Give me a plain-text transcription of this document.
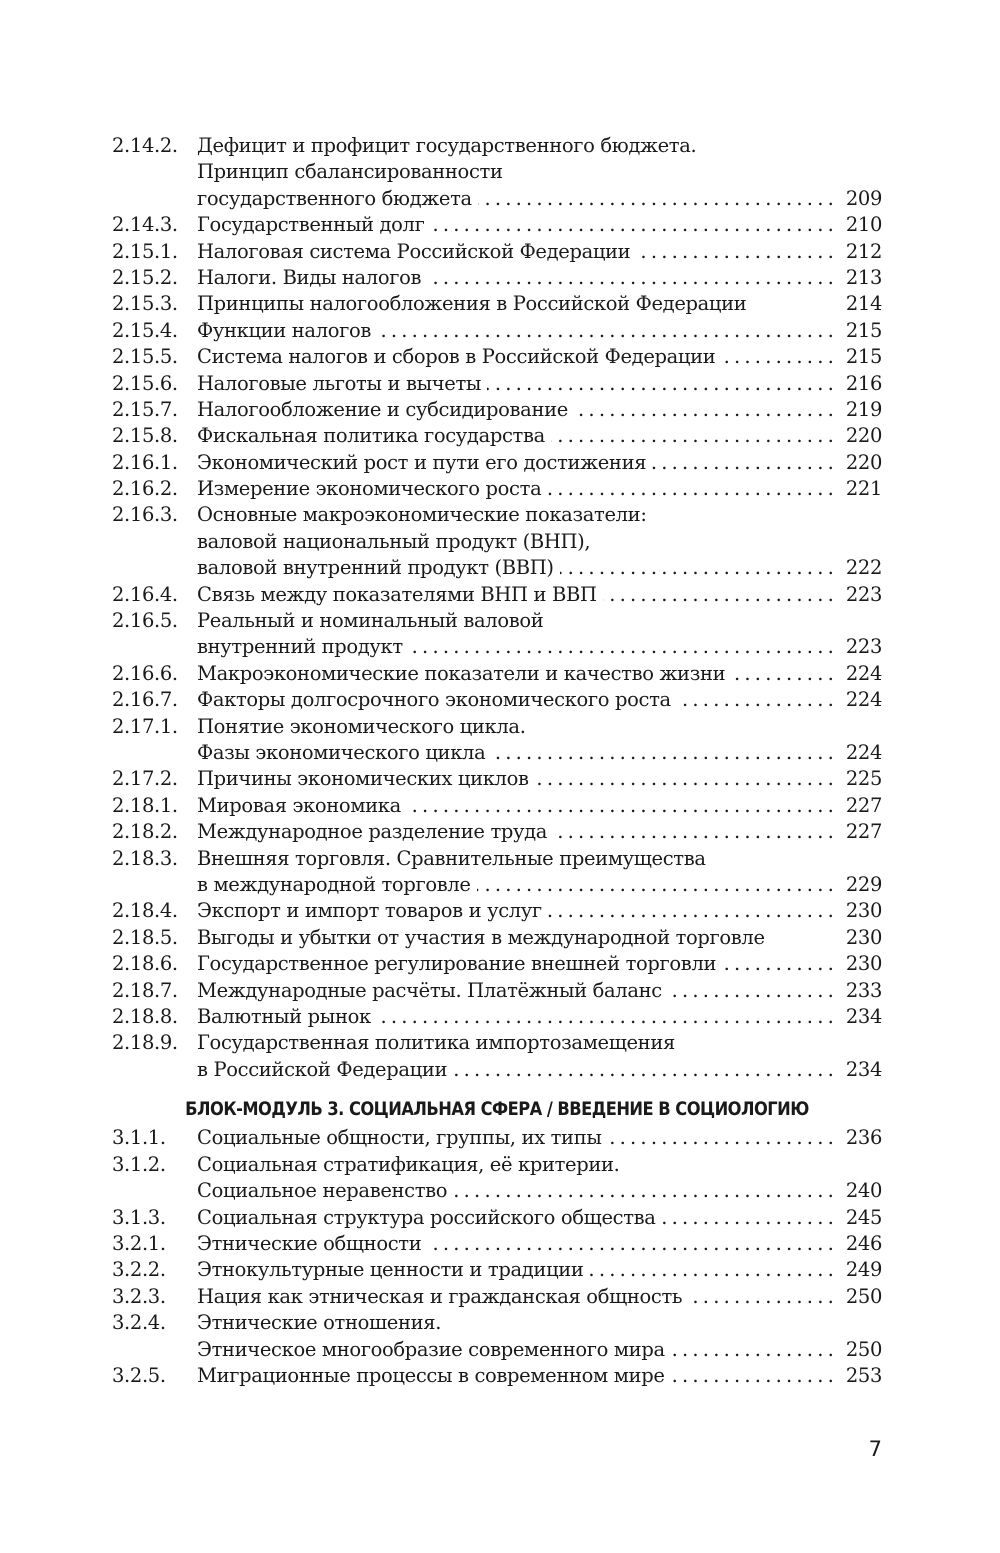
2.14.2. Дефицит и профицит государственного бюджета.
Принцип сбалансированности
государственного бюджета .....	209
2.14.3. Государственный долг .....	210
2.15.1. Налоговая система Российской Федерации .....	212
2.15.2. Налоги. Виды налогов .....	213
2.15.3. Принципы налогообложения в Российской Федерации	214
2.15.4. Функции налогов .....	215
2.15.5. Система налогов и сборов в Российской Федерации .....	215
2.15.6. Налоговые льготы и вычеты .....	216
2.15.7. Налогообложение и субсидирование .....	219
2.15.8. Фискальная политика государства .....	220
2.16.1. Экономический рост и пути его достижения .....	220
2.16.2. Измерение экономического роста .....	221
2.16.3. Основные макроэкономические показатели:
валовой национальный продукт (ВНП),
валовой внутренний продукт (ВВП) .....	222
2.16.4. Связь между показателями ВНП и ВВП .....	223
2.16.5. Реальный и номинальный валовой
внутренний продукт .....	223
2.16.6. Макроэкономические показатели и качество жизни .....	224
2.16.7. Факторы долгосрочного экономического роста .....	224
2.17.1. Понятие экономического цикла.
Фазы экономического цикла .....	224
2.17.2. Причины экономических циклов .....	225
2.18.1. Мировая экономика .....	227
2.18.2. Международное разделение труда .....	227
2.18.3. Внешняя торговля. Сравнительные преимущества
в международной торговле .....	229
2.18.4. Экспорт и импорт товаров и услуг .....	230
2.18.5. Выгоды и убытки от участия в международной торговле	230
2.18.6. Государственное регулирование внешней торговли .....	230
2.18.7. Международные расчёты. Платёжный баланс .....	233
2.18.8. Валютный рынок .....	234
2.18.9. Государственная политика импортозамещения
в Российской Федерации .....	234
БЛОК-МОДУЛЬ 3. СОЦИАЛЬНАЯ СФЕРА / ВВЕДЕНИЕ В СОЦИОЛОГИЮ
3.1.1.	Социальные общности, группы, их типы .....	236
3.1.2.	Социальная стратификация, её критерии.
Социальное неравенство .....	240
3.1.3.	Социальная структура российского общества .....	245
3.2.1.	Этнические общности .....	246
3.2.2.	Этнокультурные ценности и традиции .....	249
3.2.3.	Нация как этническая и гражданская общность .....	250
3.2.4.	Этнические отношения.
Этническое многообразие современного мира .....	250
3.2.5.	Миграционные процессы в современном мире .....	253
7
